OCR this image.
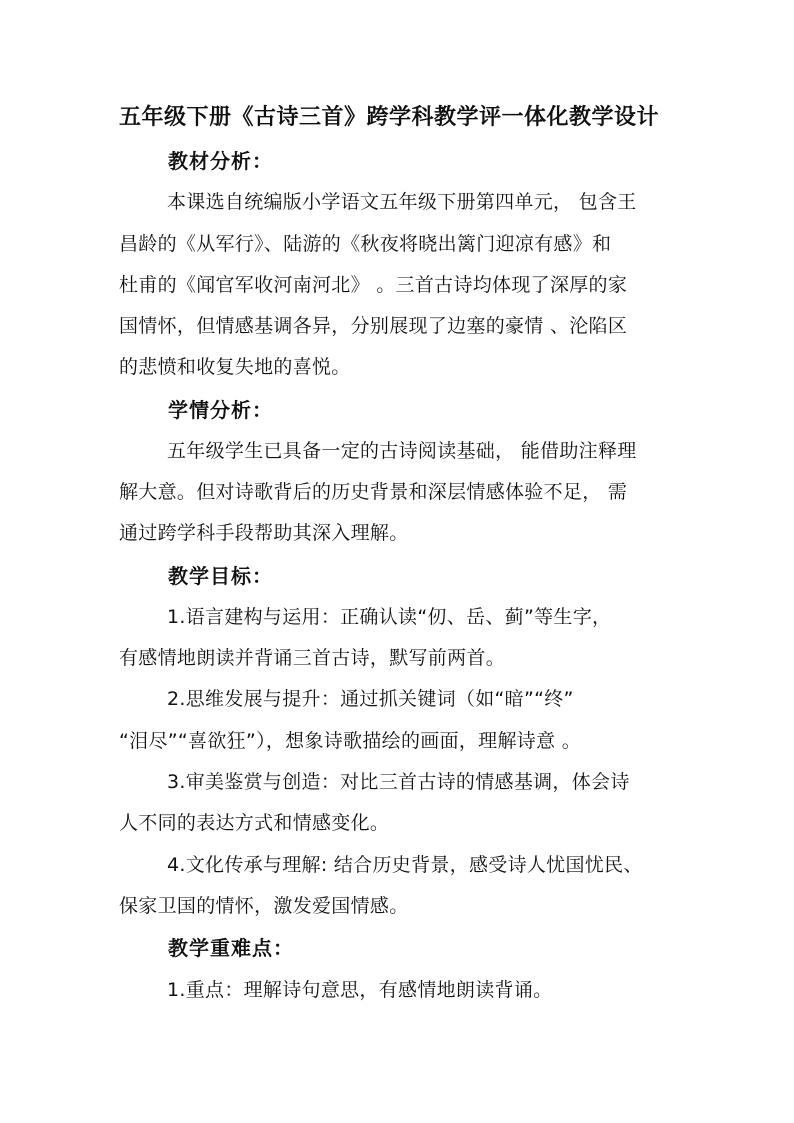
五年级下册《古诗三首》跨学科教学评一体化教学设计
教材分析：
本课选自统编版小学语文五年级下册第四单元， 包含王
昌龄的《从军行》、陆游的《秋夜将晓出篱门迎凉有感》和
杜甫的《闻官军收河南河北》 。三首古诗均体现了深厚的家
国情怀，但情感基调各异，分别展现了边塞的豪情 、沦陷区
的悲愤和收复失地的喜悦。
学情分析：
五年级学生已具备一定的古诗阅读基础， 能借助注释理
解大意。但对诗歌背后的历史背景和深层情感体验不足， 需
通过跨学科手段帮助其深入理解。
教学目标：
1.语言建构与运用：正确认读“仞、岳、蓟”等生字，
有感情地朗读并背诵三首古诗，默写前两首。
2.思维发展与提升：通过抓关键词（如“暗”“终”
“泪尽”“喜欲狂”），想象诗歌描绘的画面，理解诗意 。
3.审美鉴赏与创造：对比三首古诗的情感基调，体会诗
人不同的表达方式和情感变化。
4.文化传承与理解: 结合历史背景，感受诗人忧国忧民、
保家卫国的情怀，激发爱国情感。
教学重难点：
1.重点：理解诗句意思，有感情地朗读背诵。
